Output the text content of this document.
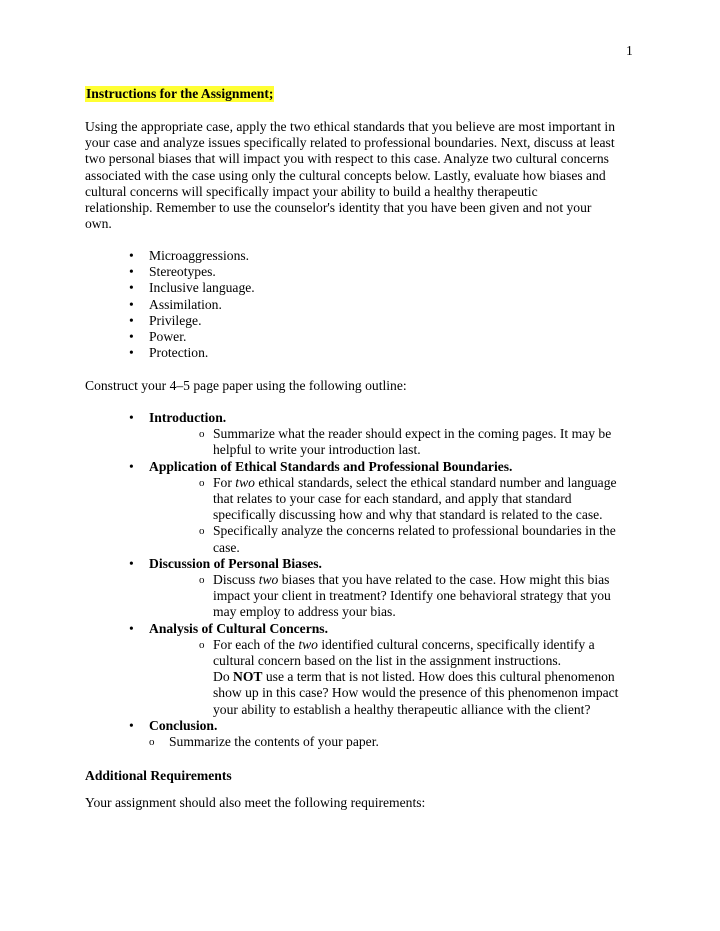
1
Instructions for the Assignment;

Using the appropriate case, apply the two ethical standards that you believe are most important in
your case and analyze issues specifically related to professional boundaries. Next, discuss at least
two personal biases that will impact you with respect to this case. Analyze two cultural concerns
associated with the case using only the cultural concepts below. Lastly, evaluate how biases and
cultural concerns will specifically impact your ability to build a healthy therapeutic
relationship. Remember to use the counselor's identity that you have been given and not your
own.

• Microaggressions.
• Stereotypes.
• Inclusive language.
• Assimilation.
• Privilege.
• Power.
• Protection.

Construct your 4–5 page paper using the following outline:

• Introduction.
o Summarize what the reader should expect in the coming pages. It may be
helpful to write your introduction last.
• Application of Ethical Standards and Professional Boundaries.
o For two ethical standards, select the ethical standard number and language
that relates to your case for each standard, and apply that standard
specifically discussing how and why that standard is related to the case.
o Specifically analyze the concerns related to professional boundaries in the
case.
• Discussion of Personal Biases.
o Discuss two biases that you have related to the case. How might this bias
impact your client in treatment? Identify one behavioral strategy that you
may employ to address your bias.
• Analysis of Cultural Concerns.
o For each of the two identified cultural concerns, specifically identify a
cultural concern based on the list in the assignment instructions.
Do NOT use a term that is not listed. How does this cultural phenomenon
show up in this case? How would the presence of this phenomenon impact
your ability to establish a healthy therapeutic alliance with the client?
• Conclusion.
o Summarize the contents of your paper.
Additional Requirements

Your assignment should also meet the following requirements:
